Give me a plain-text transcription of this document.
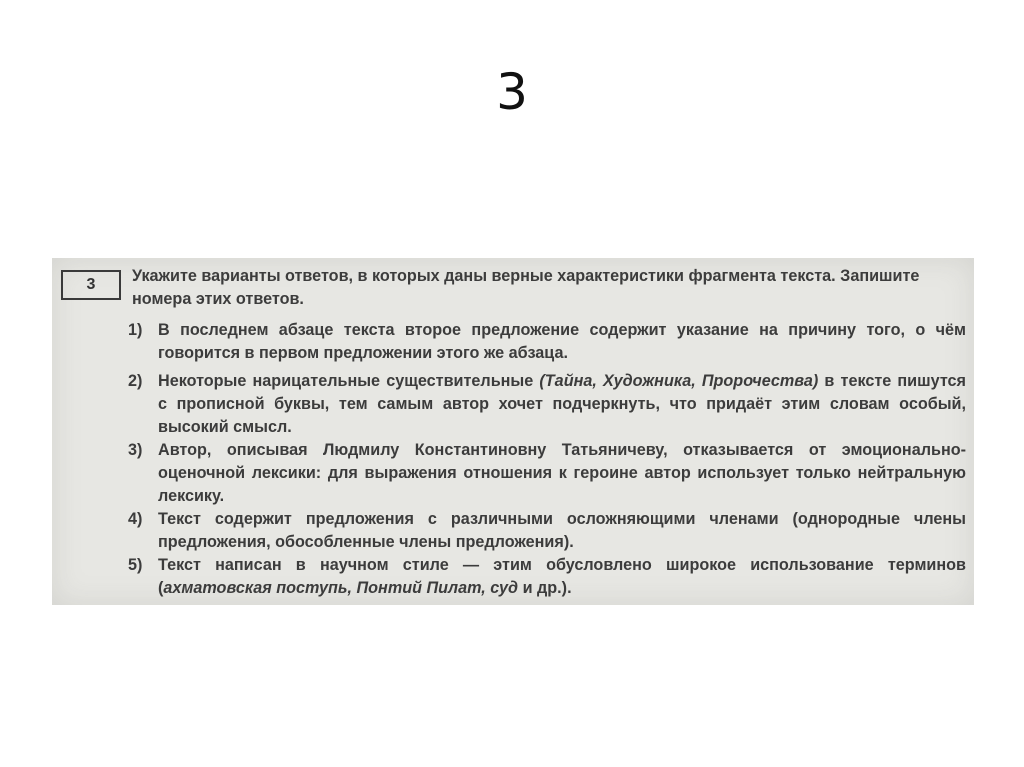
3
3	Укажите варианты ответов, в которых даны верные характеристики фрагмента текста. Запишите номера этих ответов.
1) В последнем абзаце текста второе предложение содержит указание на причину того, о чём говорится в первом предложении этого же абзаца.
2) Некоторые нарицательные существительные (Тайна, Художника, Пророчества) в тексте пишутся с прописной буквы, тем самым автор хочет подчеркнуть, что придаёт этим словам особый, высокий смысл.
3) Автор, описывая Людмилу Константиновну Татьяничеву, отказывается от эмоционально-оценочной лексики: для выражения отношения к героине автор использует только нейтральную лексику.
4) Текст содержит предложения с различными осложняющими членами (однородные члены предложения, обособленные члены предложения).
5) Текст написан в научном стиле — этим обусловлено широкое использование терминов (ахматовская поступь, Понтий Пилат, суд и др.).
